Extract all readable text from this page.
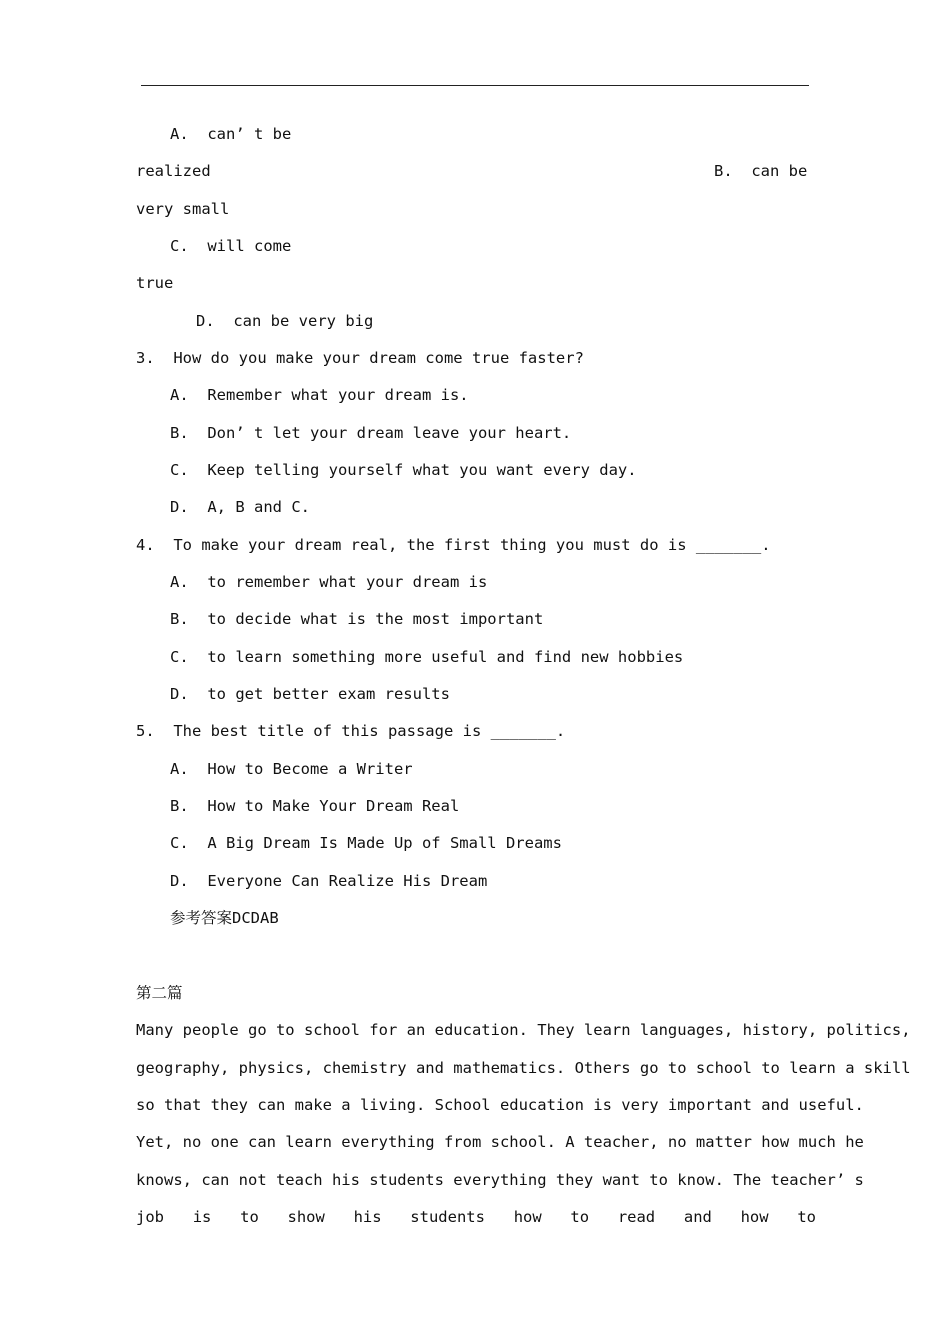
A. can’ t be
realized	B. can be
very small
C. will come
true
D. can be very big
3.  How do you make your dream come true faster?
A.  Remember what your dream is.
B.  Don’ t let your dream leave your heart.
C.  Keep telling yourself what you want every day.
D.  A, B and C.
4.  To make your dream real, the first thing you must do is _______.
A.  to remember what your dream is
B.  to decide what is the most important
C.  to learn something more useful and find new hobbies
D.  to get better exam results
5.  The best title of this passage is _______.
A.  How to Become a Writer
B.  How to Make Your Dream Real
C.  A Big Dream Is Made Up of Small Dreams
D.  Everyone Can Realize His Dream
参考答案DCDAB
第二篇
Many people go to school for an education. They learn languages, history, politics,
geography, physics, chemistry and mathematics. Others go to school to learn a skill
so that they can make a living. School education is very important and useful.
Yet, no one can learn everything from school. A teacher, no matter how much he
knows, can not teach his students everything they want to know. The teacher’ s
job is to show his students how to read and how to
